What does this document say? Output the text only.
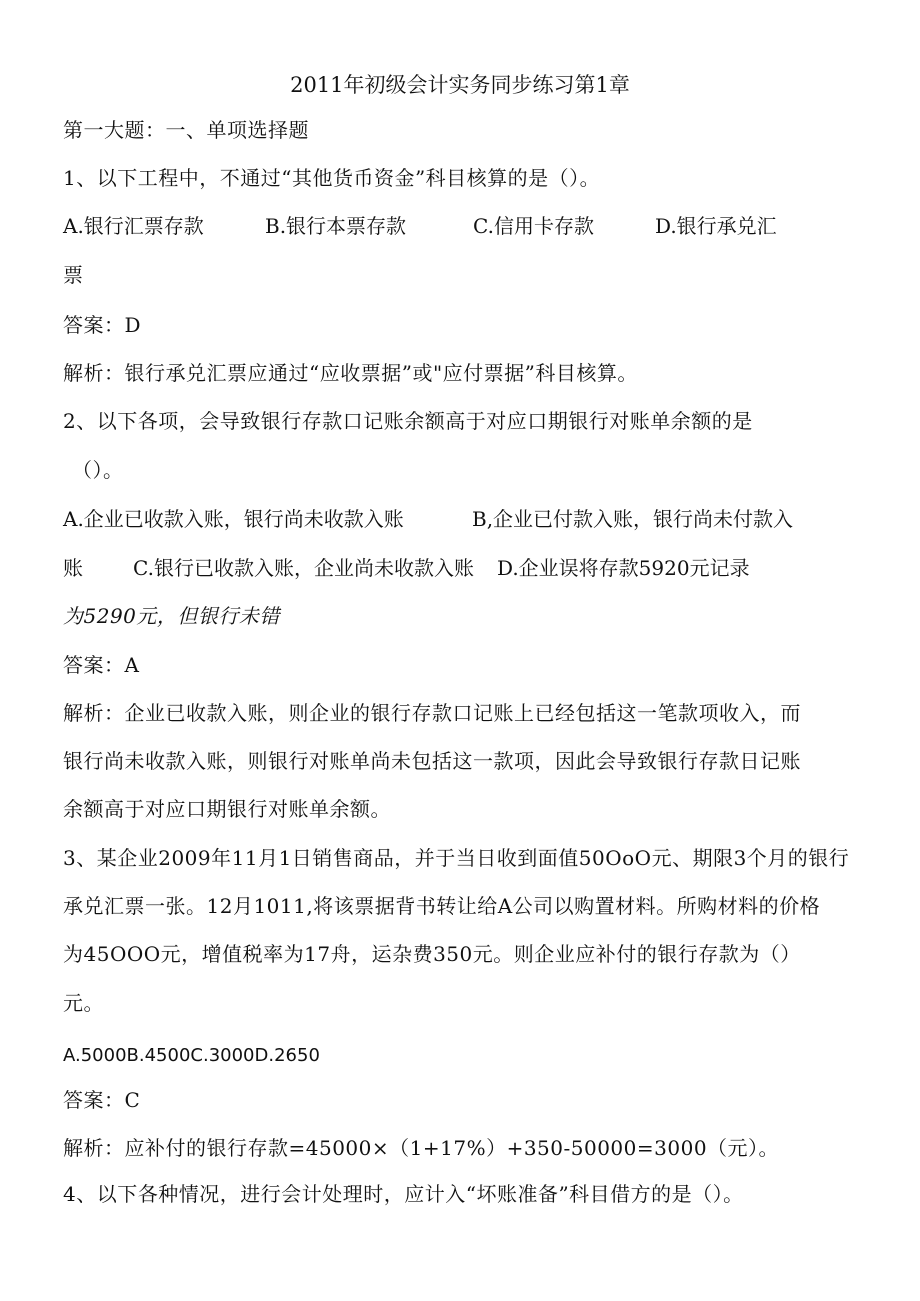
2011年初级会计实务同步练习第1章
第一大题：一、单项选择题
1、以下工程中，不通过“其他货币资金”科目核算的是（）。
A.银行汇票存款	B.银行本票存款	C.信用卡存款	D.银行承兑汇
票
答案：D
解析：银行承兑汇票应通过“应收票据”或"应付票据”科目核算。
2、以下各项，会导致银行存款口记账余额高于对应口期银行对账单余额的是
（）。
A.企业已收款入账，银行尚未收款入账	B,企业已付款入账，银行尚未付款入
账	C.银行已收款入账，企业尚未收款入账 D.企业误将存款5920元记录
为5290元，但银行未错
答案：A
解析：企业已收款入账，则企业的银行存款口记账上已经包括这一笔款项收入，而
银行尚未收款入账，则银行对账单尚未包括这一款项，因此会导致银行存款日记账
余额高于对应口期银行对账单余额。
3、某企业2009年11月1日销售商品，并于当日收到面值50OoO元、期限3个月的银行
承兑汇票一张。12月1011,将该票据背书转让给A公司以购置材料。所购材料的价格
为45OOO元，增值税率为17舟，运杂费350元。则企业应补付的银行存款为（）
元。
A.5000B.4500C.3000D.2650
答案：C
解析：应补付的银行存款=45000×（1+17%）+350-50000=3000（元）。
4、以下各种情况，进行会计处理时，应计入“坏账准备”科目借方的是（）。
